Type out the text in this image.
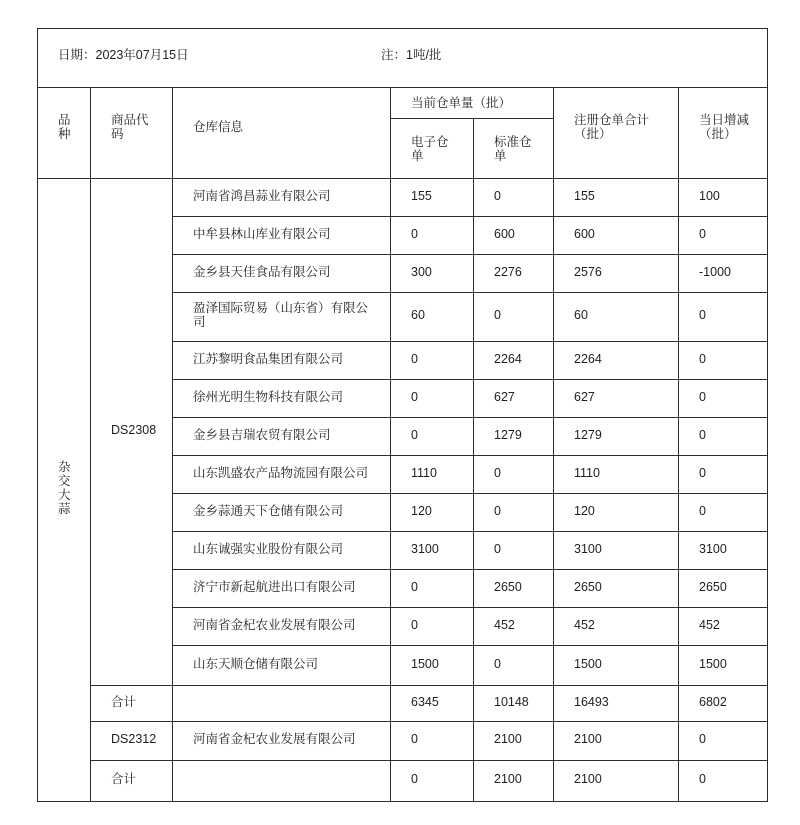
日期：2023年07月15日 注：1吨/批						

品种	商品代码	仓库信息	当前仓单量（批）		注册仓单合计（批）	当日增减（批）
			电子仓单	标准仓单		
杂交大蒜	DS2308	河南省鸿昌蒜业有限公司	155	0	155	100
		中牟县林山库业有限公司	0	600	600	0
		金乡县天佳食品有限公司	300	2276	2576	-1000
		盈泽国际贸易（山东省）有限公司	60	0	60	0
		江苏黎明食品集团有限公司	0	2264	2264	0
		徐州光明生物科技有限公司	0	627	627	0
		金乡县吉瑞农贸有限公司	0	1279	1279	0
		山东凯盛农产品物流园有限公司	1110	0	1110	0
		金乡蒜通天下仓储有限公司	120	0	120	0
		山东诚强实业股份有限公司	3100	0	3100	3100
		济宁市新起航进出口有限公司	0	2650	2650	2650
		河南省金杞农业发展有限公司	0	452	452	452
		山东天顺仓储有限公司	1500	0	1500	1500
	合计		6345	10148	16493	6802
	DS2312	河南省金杞农业发展有限公司	0	2100	2100	0
	合计		0	2100	2100	0
